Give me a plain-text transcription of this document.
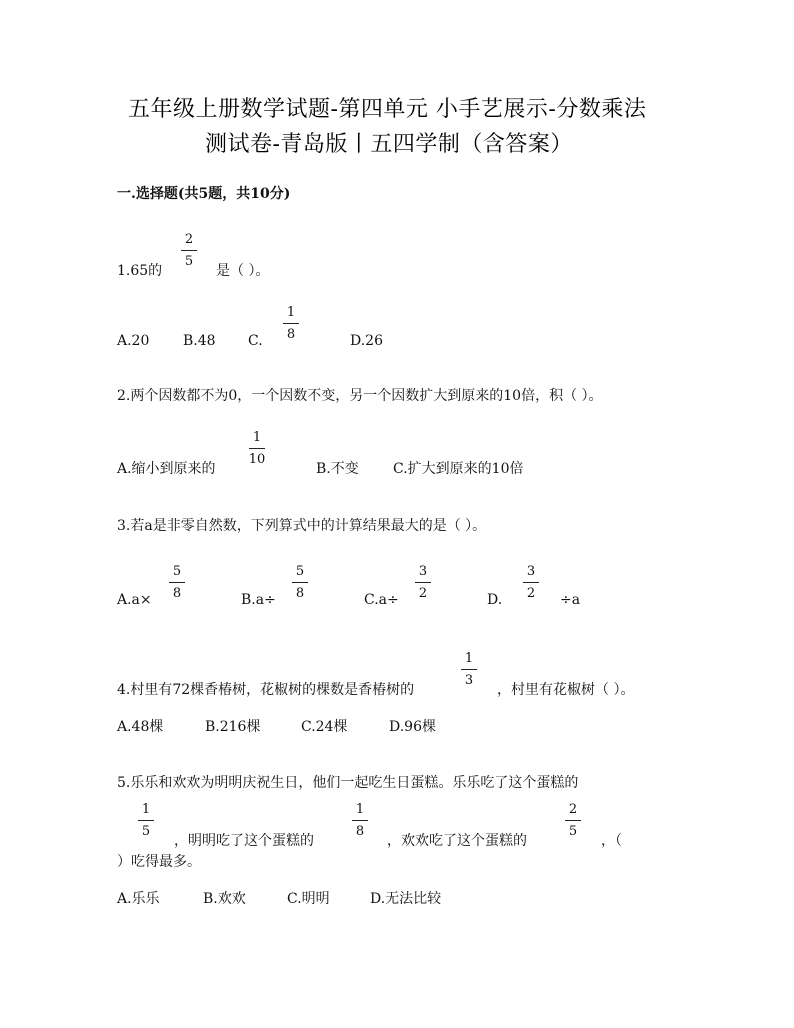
五年级上册数学试题-第四单元 小手艺展示-分数乘法
测试卷-青岛版丨五四学制（含答案）
一.选择题(共5题，共10分)
1.65的
2
5
是（ ）。
A.20 B.48 C.
1
8	D.26
2.两个因数都不为0，一个因数不变，另一个因数扩大到原来的10倍，积（ ）。
A.缩小到原来的
1
10
B.不变 C.扩大到原来的10倍
3.若a是非零自然数，下列算式中的计算结果最大的是（ ）。
A.a×
5
8	B.a÷
5
8	C.a÷
3
2	D.
3
2	÷a
4.村里有72棵香椿树，花椒树的棵数是香椿树的
1
3
，村里有花椒树（ ）。
A.48棵	B.216棵	C.24棵	D.96棵
5.乐乐和欢欢为明明庆祝生日，他们一起吃生日蛋糕。乐乐吃了这个蛋糕的
1
5
，明明吃了这个蛋糕的
1
8
，欢欢吃了这个蛋糕的
2
5
，（
）吃得最多。
A.乐乐	B.欢欢	C.明明	D.无法比较
